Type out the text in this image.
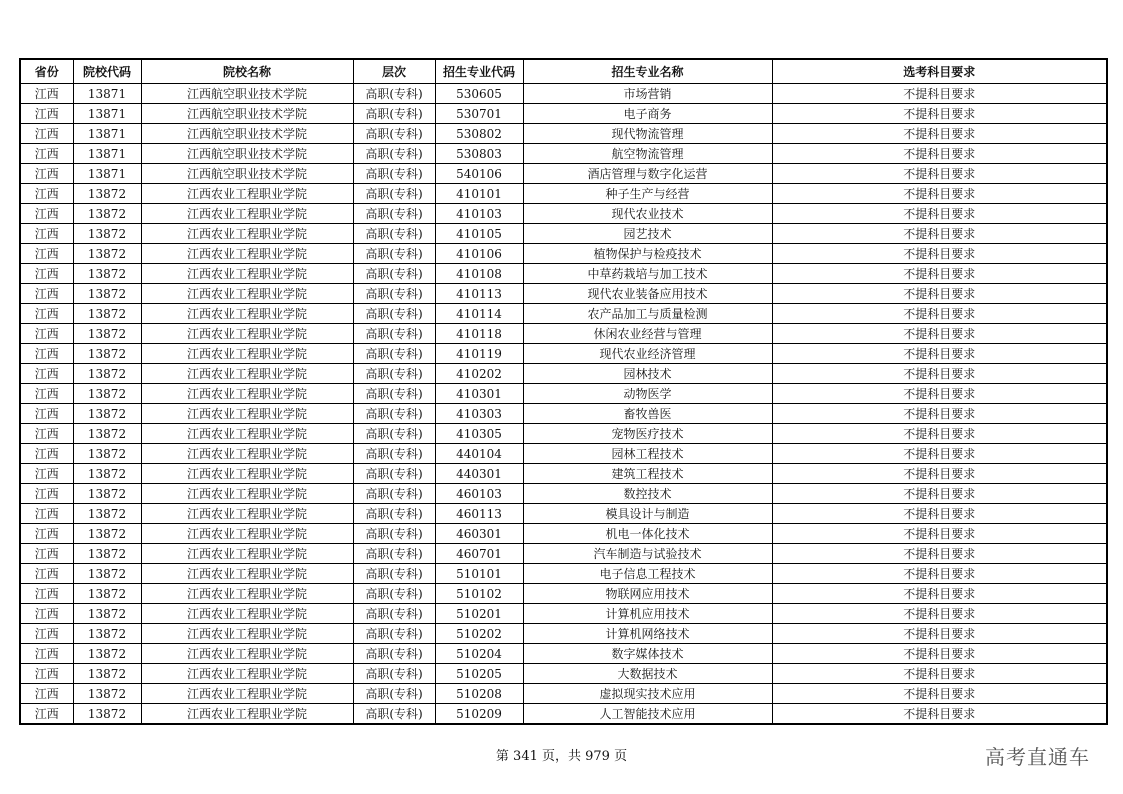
省份	院校代码	院校名称	层次	招生专业代码	招生专业名称	选考科目要求
江西	13871	江西航空职业技术学院	高职(专科)	530605	市场营销	不提科目要求
江西	13871	江西航空职业技术学院	高职(专科)	530701	电子商务	不提科目要求
江西	13871	江西航空职业技术学院	高职(专科)	530802	现代物流管理	不提科目要求
江西	13871	江西航空职业技术学院	高职(专科)	530803	航空物流管理	不提科目要求
江西	13871	江西航空职业技术学院	高职(专科)	540106	酒店管理与数字化运营	不提科目要求
江西	13872	江西农业工程职业学院	高职(专科)	410101	种子生产与经营	不提科目要求
江西	13872	江西农业工程职业学院	高职(专科)	410103	现代农业技术	不提科目要求
江西	13872	江西农业工程职业学院	高职(专科)	410105	园艺技术	不提科目要求
江西	13872	江西农业工程职业学院	高职(专科)	410106	植物保护与检疫技术	不提科目要求
江西	13872	江西农业工程职业学院	高职(专科)	410108	中草药栽培与加工技术	不提科目要求
江西	13872	江西农业工程职业学院	高职(专科)	410113	现代农业装备应用技术	不提科目要求
江西	13872	江西农业工程职业学院	高职(专科)	410114	农产品加工与质量检测	不提科目要求
江西	13872	江西农业工程职业学院	高职(专科)	410118	休闲农业经营与管理	不提科目要求
江西	13872	江西农业工程职业学院	高职(专科)	410119	现代农业经济管理	不提科目要求
江西	13872	江西农业工程职业学院	高职(专科)	410202	园林技术	不提科目要求
江西	13872	江西农业工程职业学院	高职(专科)	410301	动物医学	不提科目要求
江西	13872	江西农业工程职业学院	高职(专科)	410303	畜牧兽医	不提科目要求
江西	13872	江西农业工程职业学院	高职(专科)	410305	宠物医疗技术	不提科目要求
江西	13872	江西农业工程职业学院	高职(专科)	440104	园林工程技术	不提科目要求
江西	13872	江西农业工程职业学院	高职(专科)	440301	建筑工程技术	不提科目要求
江西	13872	江西农业工程职业学院	高职(专科)	460103	数控技术	不提科目要求
江西	13872	江西农业工程职业学院	高职(专科)	460113	模具设计与制造	不提科目要求
江西	13872	江西农业工程职业学院	高职(专科)	460301	机电一体化技术	不提科目要求
江西	13872	江西农业工程职业学院	高职(专科)	460701	汽车制造与试验技术	不提科目要求
江西	13872	江西农业工程职业学院	高职(专科)	510101	电子信息工程技术	不提科目要求
江西	13872	江西农业工程职业学院	高职(专科)	510102	物联网应用技术	不提科目要求
江西	13872	江西农业工程职业学院	高职(专科)	510201	计算机应用技术	不提科目要求
江西	13872	江西农业工程职业学院	高职(专科)	510202	计算机网络技术	不提科目要求
江西	13872	江西农业工程职业学院	高职(专科)	510204	数字媒体技术	不提科目要求
江西	13872	江西农业工程职业学院	高职(专科)	510205	大数据技术	不提科目要求
江西	13872	江西农业工程职业学院	高职(专科)	510208	虚拟现实技术应用	不提科目要求
江西	13872	江西农业工程职业学院	高职(专科)	510209	人工智能技术应用	不提科目要求
第 341 页，共 979 页	高考直通车
